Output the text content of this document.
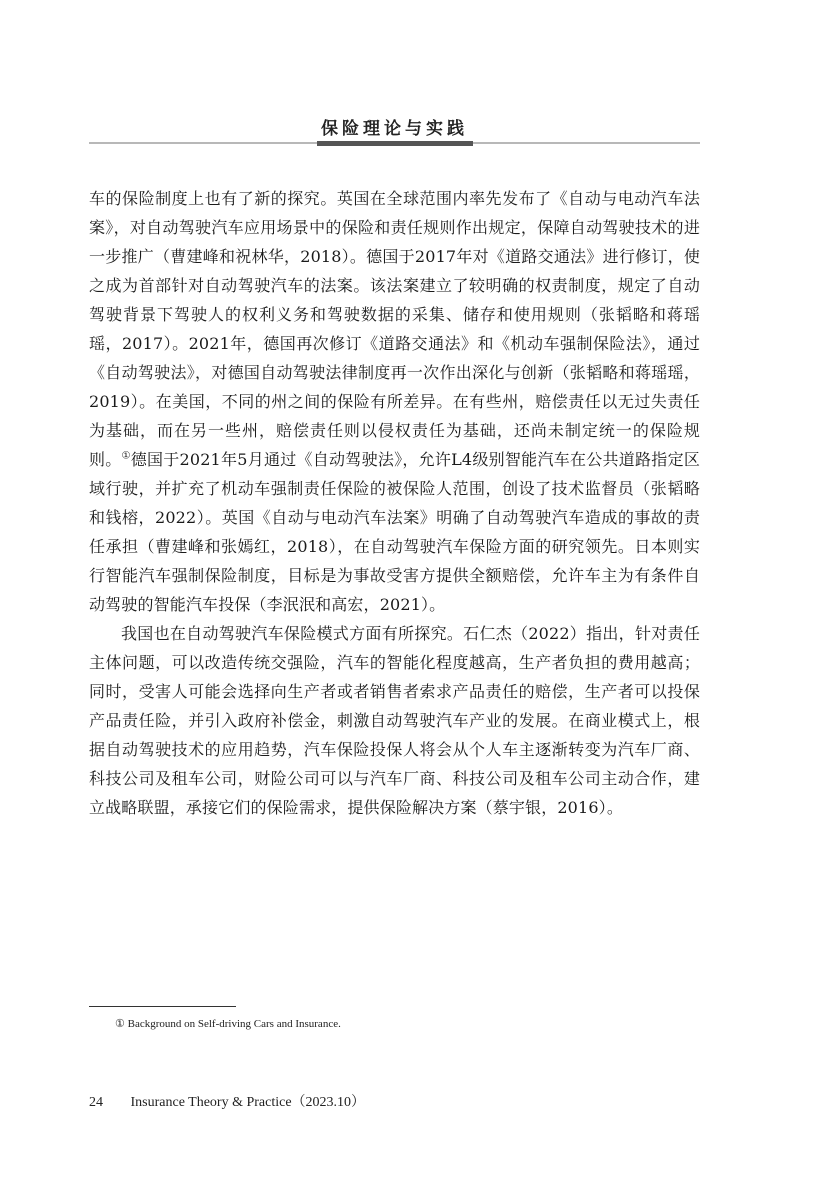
保险理论与实践

车的保险制度上也有了新的探究。英国在全球范围内率先发布了《自动与电动汽车法案》，对自动驾驶汽车应用场景中的保险和责任规则作出规定，保障自动驾驶技术的进一步推广（曹建峰和祝林华，2018）。德国于2017年对《道路交通法》进行修订，使之成为首部针对自动驾驶汽车的法案。该法案建立了较明确的权责制度，规定了自动驾驶背景下驾驶人的权利义务和驾驶数据的采集、储存和使用规则（张韬略和蒋瑶瑶，2017）。2021年，德国再次修订《道路交通法》和《机动车强制保险法》，通过《自动驾驶法》，对德国自动驾驶法律制度再一次作出深化与创新（张韬略和蒋瑶瑶，2019）。在美国，不同的州之间的保险有所差异。在有些州，赔偿责任以无过失责任为基础，而在另一些州，赔偿责任则以侵权责任为基础，还尚未制定统一的保险规则。①德国于2021年5月通过《自动驾驶法》，允许L4级别智能汽车在公共道路指定区域行驶，并扩充了机动车强制责任保险的被保险人范围，创设了技术监督员（张韬略和钱榕，2022）。英国《自动与电动汽车法案》明确了自动驾驶汽车造成的事故的责任承担（曹建峰和张嫣红，2018），在自动驾驶汽车保险方面的研究领先。日本则实行智能汽车强制保险制度，目标是为事故受害方提供全额赔偿，允许车主为有条件自动驾驶的智能汽车投保（李泯泯和高宏，2021）。

我国也在自动驾驶汽车保险模式方面有所探究。石仁杰（2022）指出，针对责任主体问题，可以改造传统交强险，汽车的智能化程度越高，生产者负担的费用越高；同时，受害人可能会选择向生产者或者销售者索求产品责任的赔偿，生产者可以投保产品责任险，并引入政府补偿金，刺激自动驾驶汽车产业的发展。在商业模式上，根据自动驾驶技术的应用趋势，汽车保险投保人将会从个人车主逐渐转变为汽车厂商、科技公司及租车公司，财险公司可以与汽车厂商、科技公司及租车公司主动合作，建立战略联盟，承接它们的保险需求，提供保险解决方案（蔡宇银，2016）。

① Background on Self-driving Cars and Insurance.
24 Insurance Theory & Practice（2023.10）
